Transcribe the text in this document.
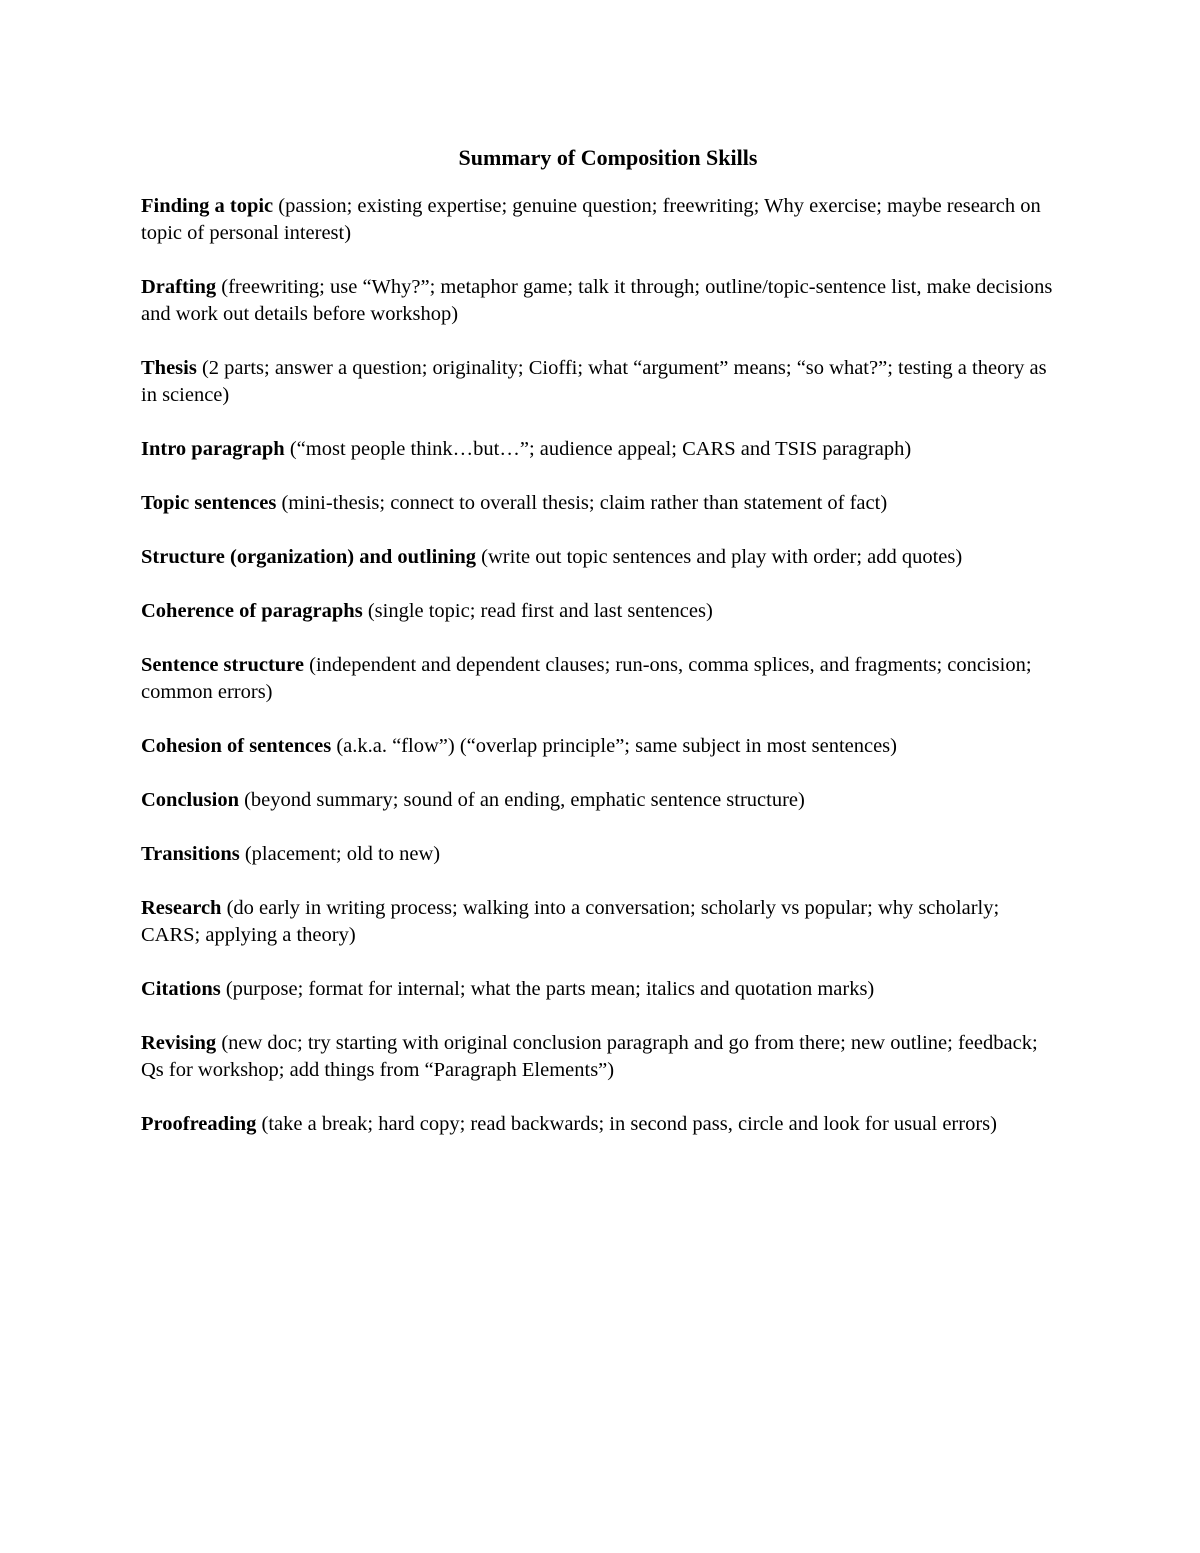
Summary of Composition Skills

Finding a topic (passion; existing expertise; genuine question; freewriting; Why exercise; maybe research on topic of personal interest)

Drafting (freewriting; use “Why?”; metaphor game; talk it through; outline/topic-sentence list, make decisions and work out details before workshop)

Thesis (2 parts; answer a question; originality; Cioffi; what “argument” means; “so what?”; testing a theory as in science)

Intro paragraph (“most people think…but…”; audience appeal; CARS and TSIS paragraph)

Topic sentences (mini-thesis; connect to overall thesis; claim rather than statement of fact)

Structure (organization) and outlining (write out topic sentences and play with order; add quotes)

Coherence of paragraphs (single topic; read first and last sentences)

Sentence structure (independent and dependent clauses; run-ons, comma splices, and fragments; concision; common errors)

Cohesion of sentences (a.k.a. “flow”) (“overlap principle”; same subject in most sentences)

Conclusion (beyond summary; sound of an ending, emphatic sentence structure)

Transitions (placement; old to new)

Research (do early in writing process; walking into a conversation; scholarly vs popular; why scholarly; CARS; applying a theory)

Citations (purpose; format for internal; what the parts mean; italics and quotation marks)

Revising (new doc; try starting with original conclusion paragraph and go from there; new outline; feedback; Qs for workshop; add things from “Paragraph Elements”)

Proofreading (take a break; hard copy; read backwards; in second pass, circle and look for usual errors)
